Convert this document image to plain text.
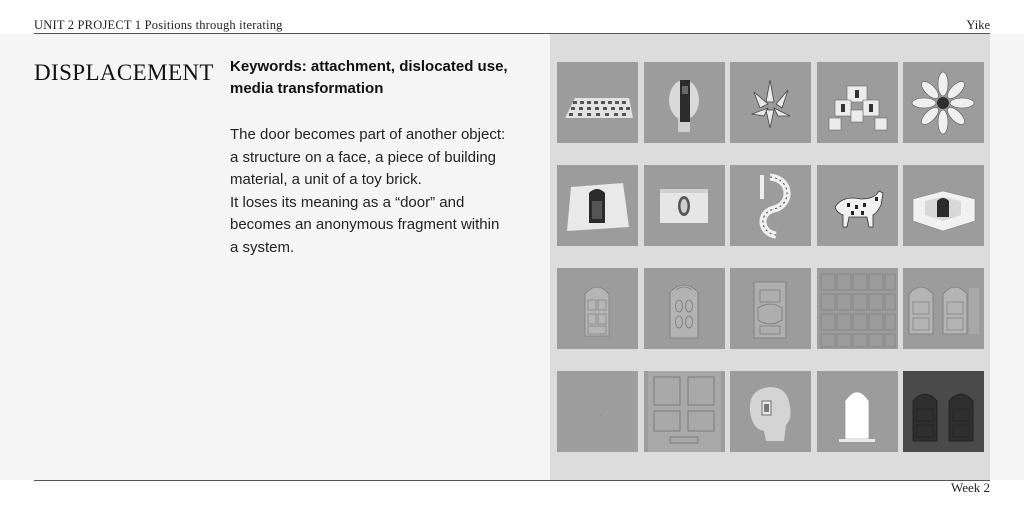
UNIT 2 PROJECT 1 Positions through iterating	Yike
DISPLACEMENT Keywords: attachment, dislocated use,
media transformation
The door becomes part of another object:
a structure on a face, a piece of building
material, a unit of a toy brick.
It loses its meaning as a “door” and
becomes an anonymous fragment within
a system.
Week 2
